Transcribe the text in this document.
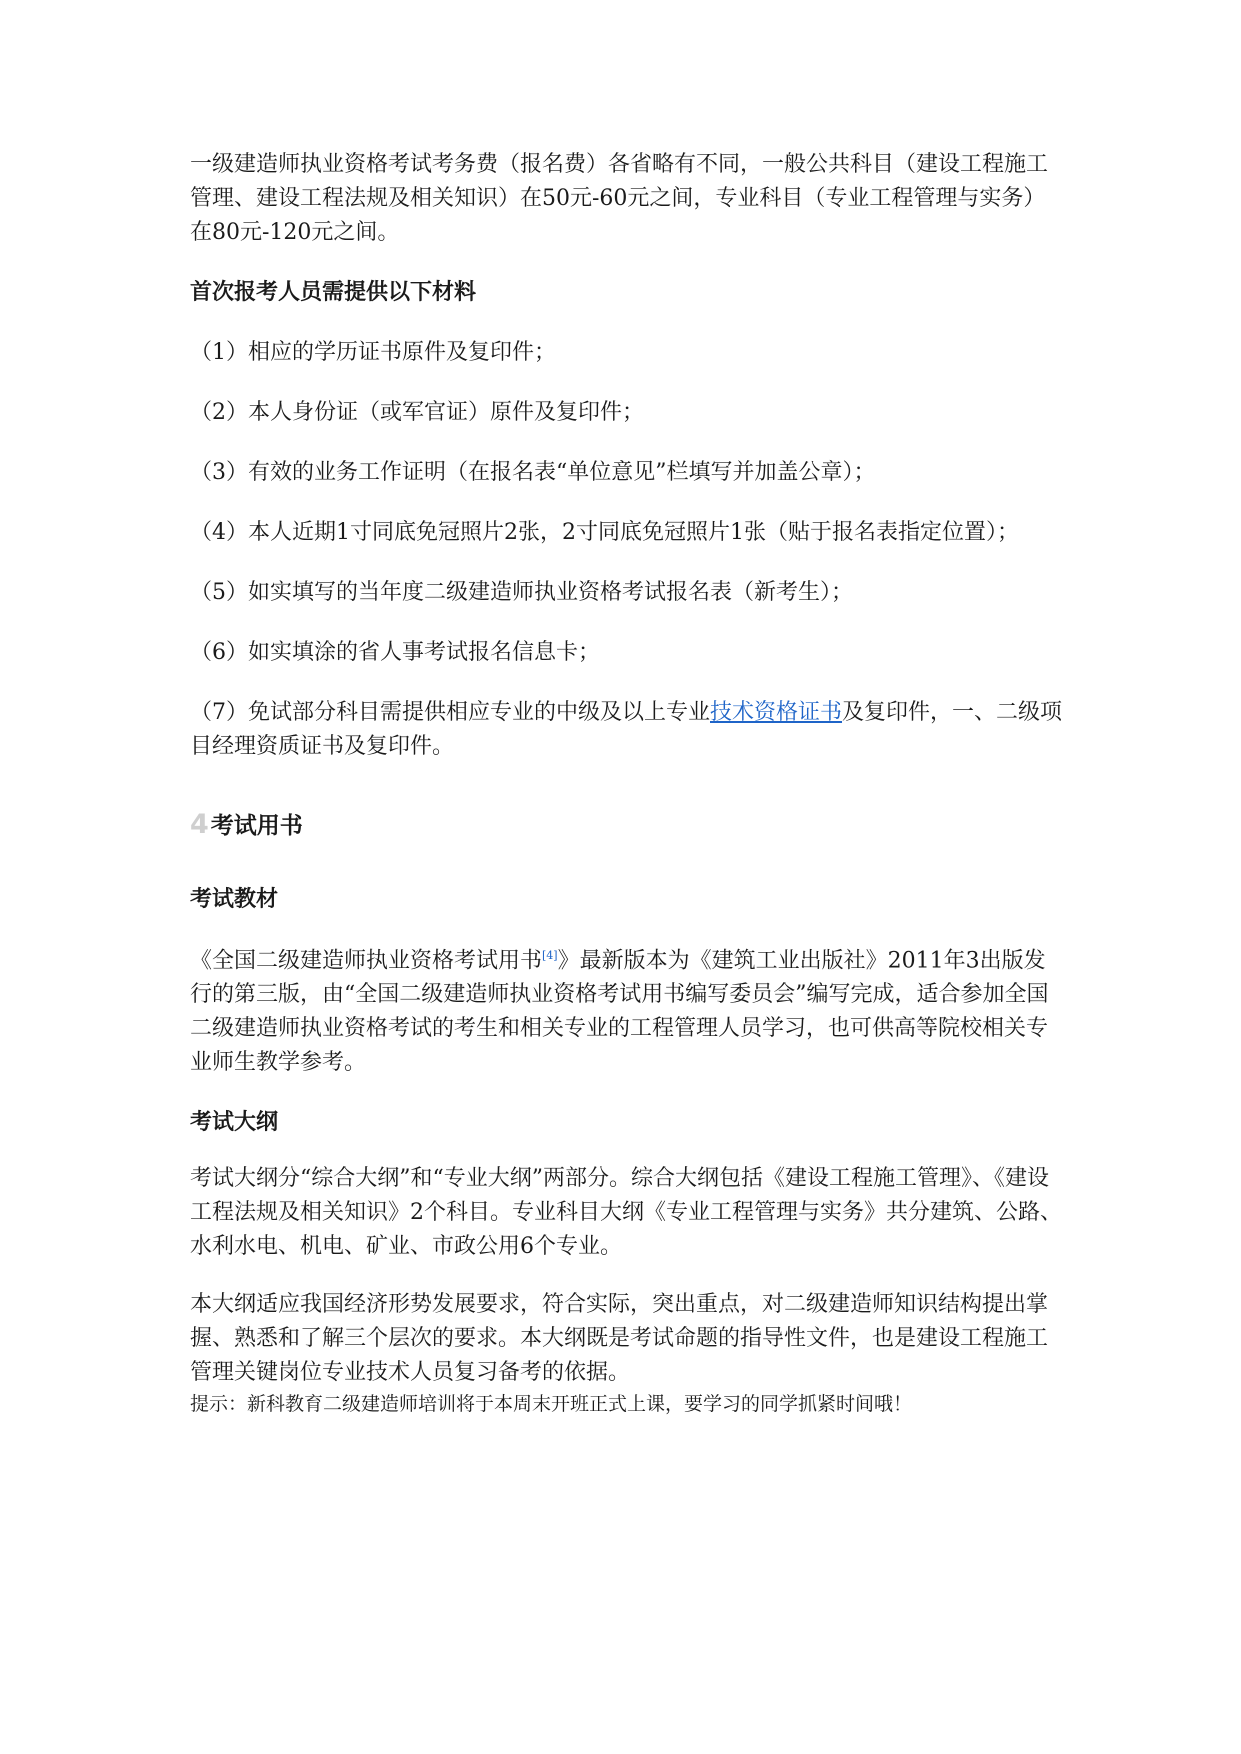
一级建造师执业资格考试考务费（报名费）各省略有不同，一般公共科目（建设工程施工管理、建设工程法规及相关知识）在50元-60元之间，专业科目（专业工程管理与实务）在80元-120元之间。

首次报考人员需提供以下材料

（1）相应的学历证书原件及复印件；

（2）本人身份证（或军官证）原件及复印件；

（3）有效的业务工作证明（在报名表“单位意见”栏填写并加盖公章）；

（4）本人近期1寸同底免冠照片2张，2寸同底免冠照片1张（贴于报名表指定位置）；

（5）如实填写的当年度二级建造师执业资格考试报名表（新考生）；

（6）如实填涂的省人事考试报名信息卡；

（7）免试部分科目需提供相应专业的中级及以上专业技术资格证书及复印件，一、二级项目经理资质证书及复印件。

4考试用书

考试教材

《全国二级建造师执业资格考试用书[4]》最新版本为《建筑工业出版社》2011年3出版发行的第三版，由“全国二级建造师执业资格考试用书编写委员会”编写完成，适合参加全国二级建造师执业资格考试的考生和相关专业的工程管理人员学习，也可供高等院校相关专业师生教学参考。

考试大纲

考试大纲分“综合大纲”和“专业大纲”两部分。综合大纲包括《建设工程施工管理》、《建设工程法规及相关知识》2个科目。专业科目大纲《专业工程管理与实务》共分建筑、公路、水利水电、机电、矿业、市政公用6个专业。

本大纲适应我国经济形势发展要求，符合实际，突出重点，对二级建造师知识结构提出掌握、熟悉和了解三个层次的要求。本大纲既是考试命题的指导性文件，也是建设工程施工管理关键岗位专业技术人员复习备考的依据。

提示：新科教育二级建造师培训将于本周末开班正式上课，要学习的同学抓紧时间哦！
